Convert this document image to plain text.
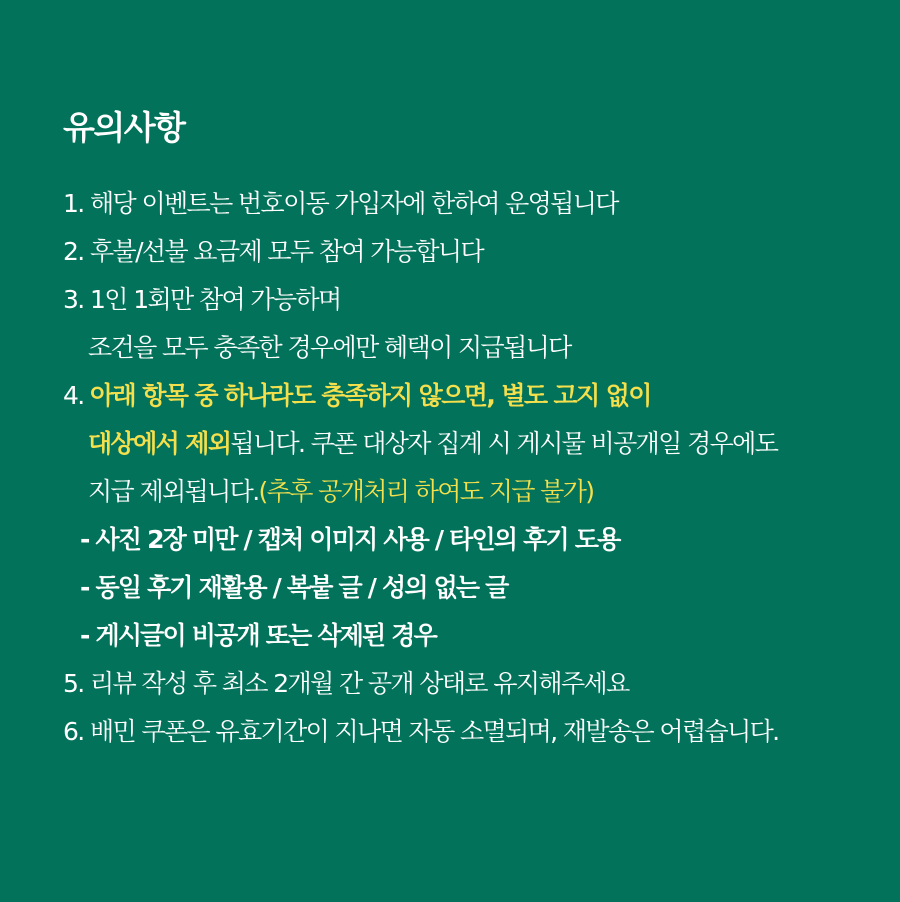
유의사항
1. 해당 이벤트는 번호이동 가입자에 한하여 운영됩니다
2. 후불/선불 요금제 모두 참여 가능합니다
3. 1인 1회만 참여 가능하며
조건을 모두 충족한 경우에만 혜택이 지급됩니다
4. 아래 항목 중 하나라도 충족하지 않으면, 별도 고지 없이
대상에서 제외됩니다. 쿠폰 대상자 집계 시 게시물 비공개일 경우에도
지급 제외됩니다.(추후 공개처리 하여도 지급 불가)
- 사진 2장 미만 / 캡처 이미지 사용 / 타인의 후기 도용
- 동일 후기 재활용 / 복붙 글 / 성의 없는 글
- 게시글이 비공개 또는 삭제된 경우
5. 리뷰 작성 후 최소 2개월 간 공개 상태로 유지해주세요
6. 배민 쿠폰은 유효기간이 지나면 자동 소멸되며, 재발송은 어렵습니다.
